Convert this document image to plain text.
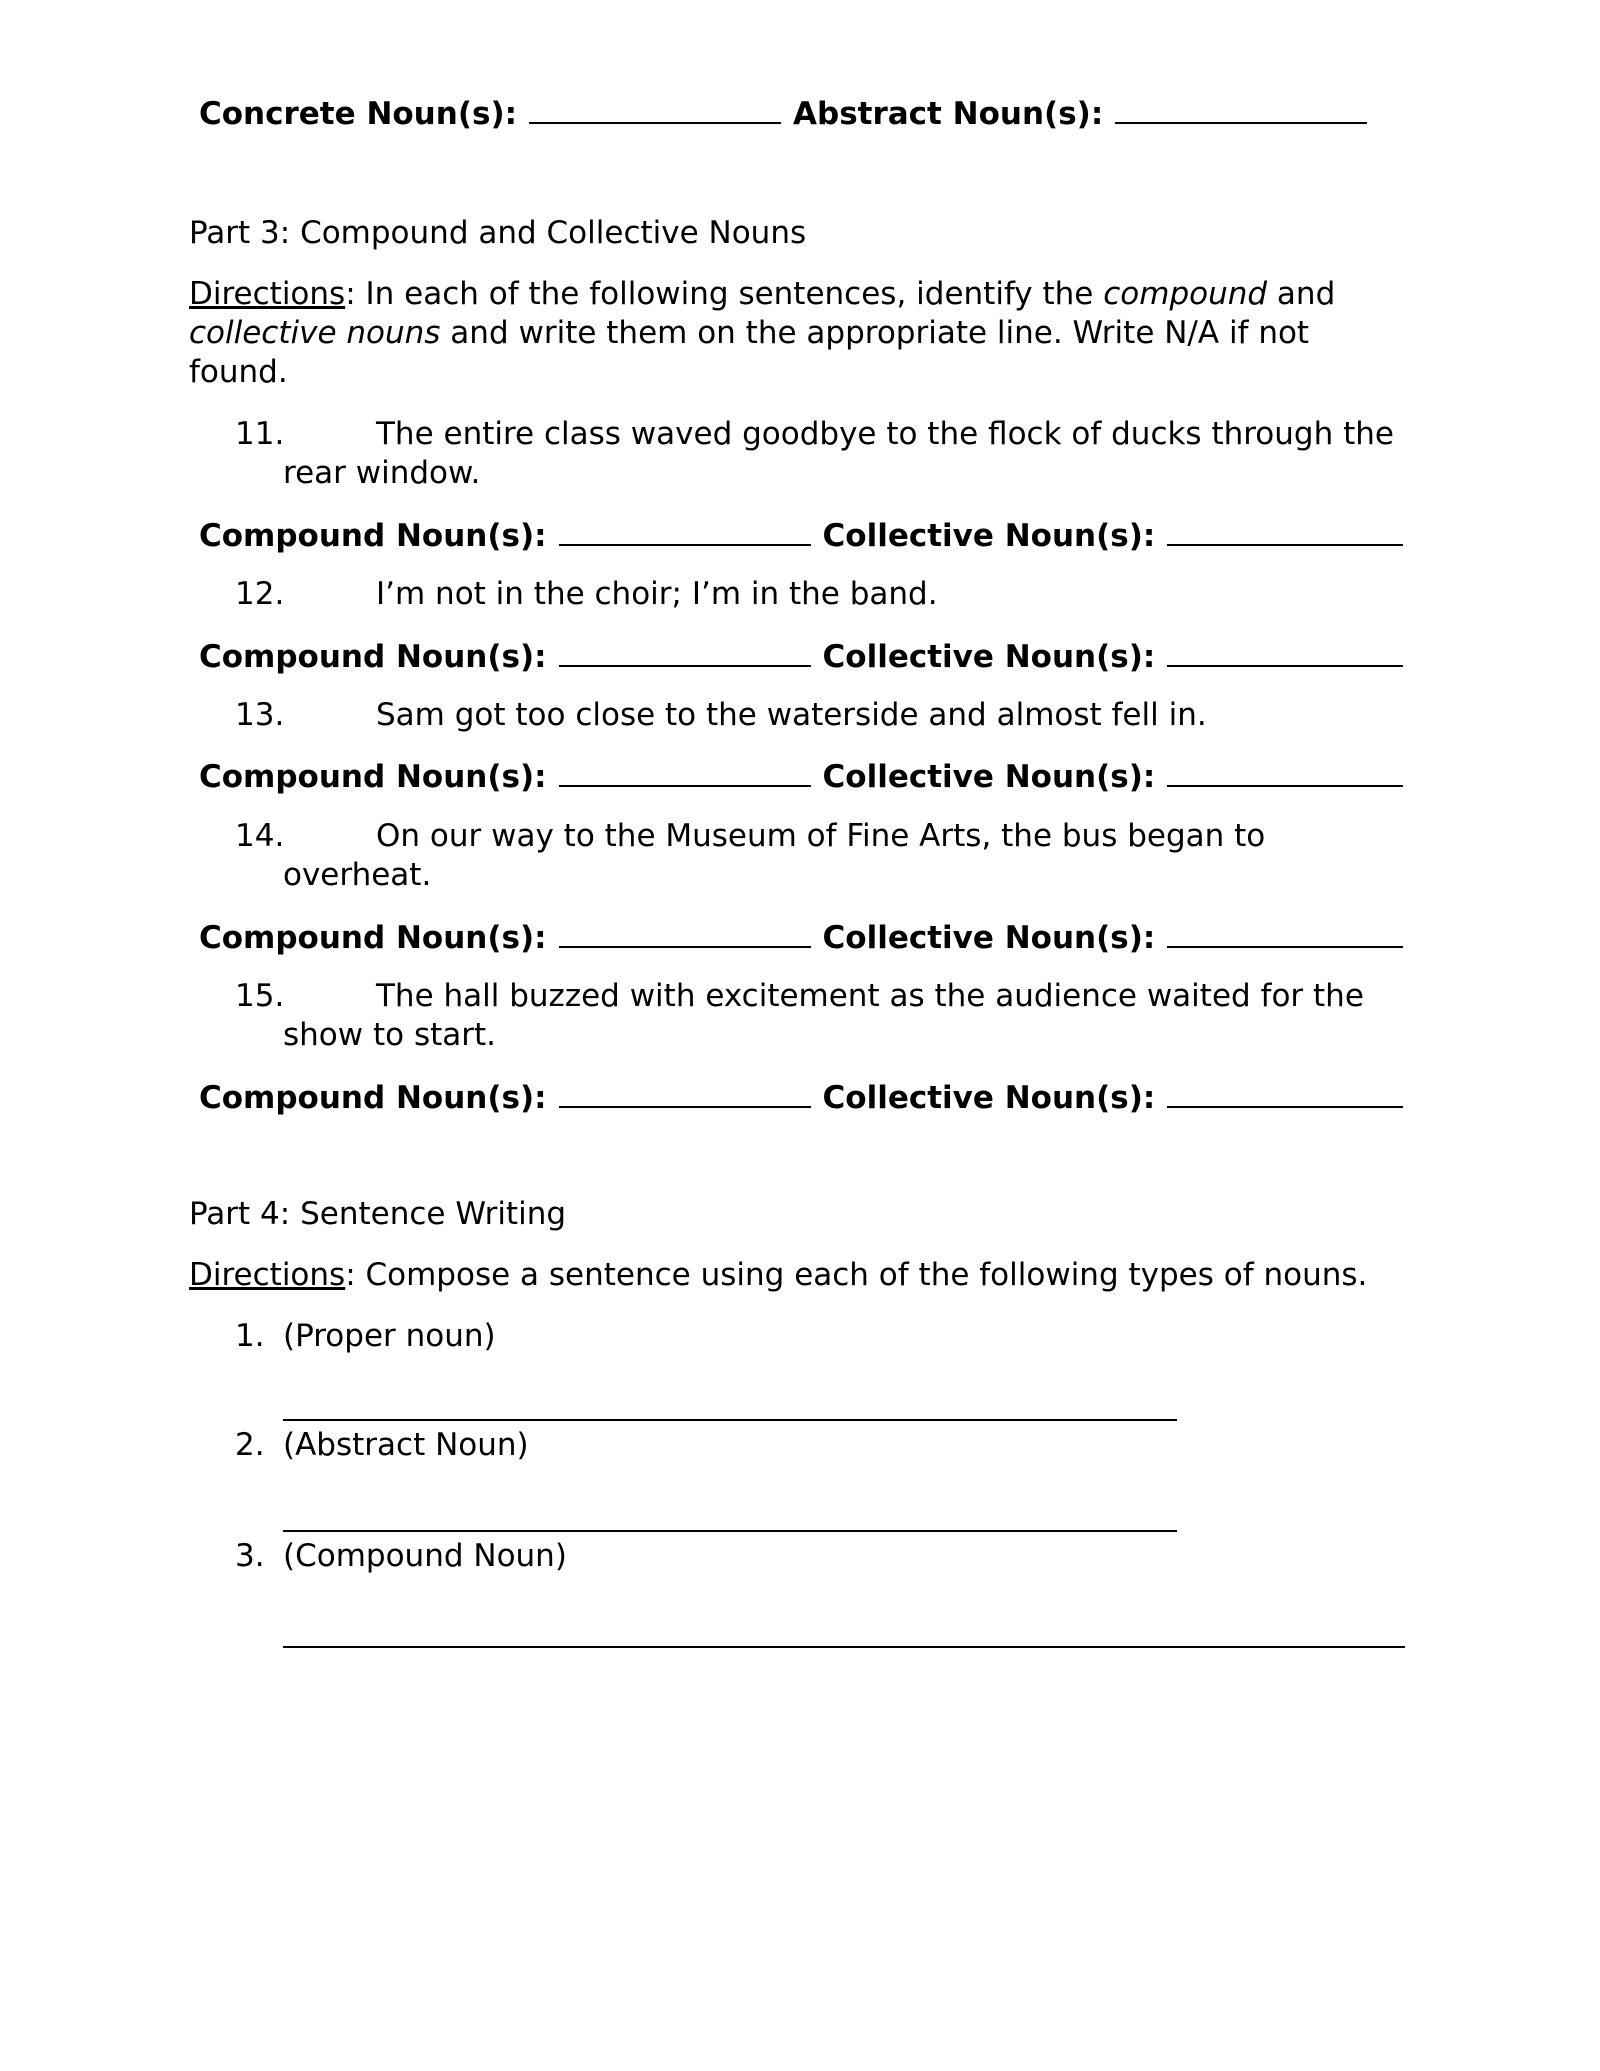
Concrete Noun(s):	Abstract Noun(s):
Part 3: Compound and Collective Nouns
Directions: In each of the following sentences, identify the compound and
collective nouns and write them on the appropriate line. Write N/A if not
found.
11.	The entire class waved goodbye to the flock of ducks through the
rear window.
Compound Noun(s):	Collective Noun(s):
12.	I’m not in the choir; I’m in the band.
Compound Noun(s):	Collective Noun(s):
13.	Sam got too close to the waterside and almost fell in.
Compound Noun(s):	Collective Noun(s):
14.	On our way to the Museum of Fine Arts, the bus began to
overheat.
Compound Noun(s):	Collective Noun(s):
15.	The hall buzzed with excitement as the audience waited for the
show to start.
Compound Noun(s):	Collective Noun(s):
Part 4: Sentence Writing
Directions: Compose a sentence using each of the following types of nouns.
1. (Proper noun)
2. (Abstract Noun)
3. (Compound Noun)
